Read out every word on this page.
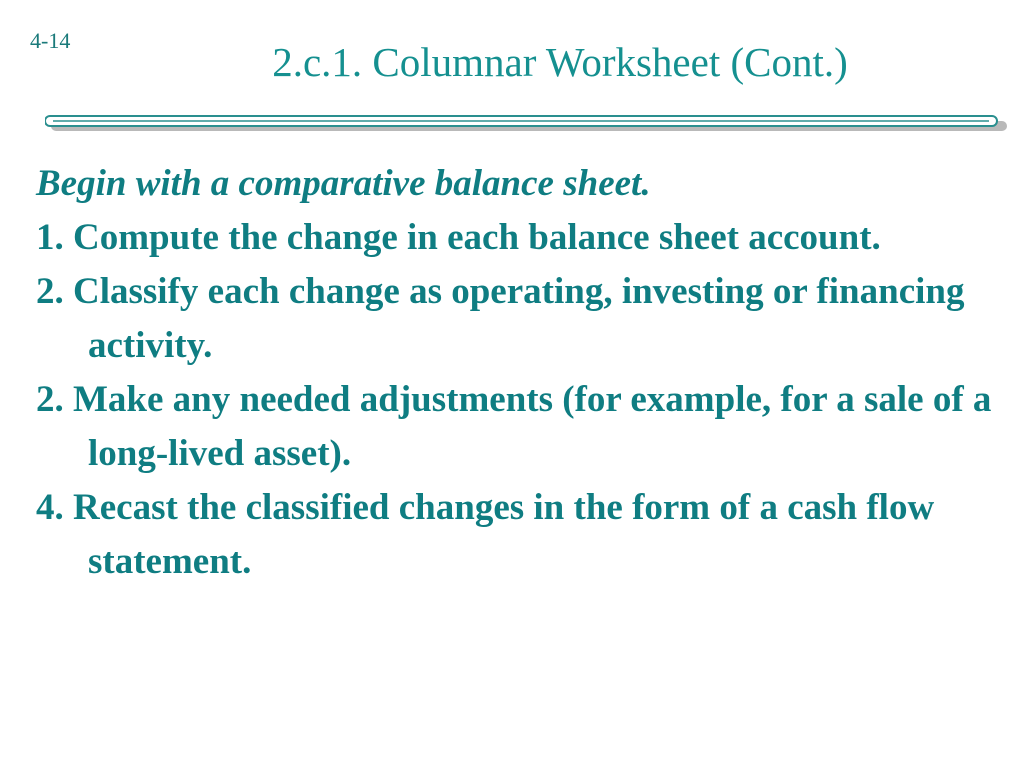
4-14	2.c.1. Columnar Worksheet (Cont.)

Begin with a comparative balance sheet.

1. Compute the change in each balance sheet account.

2. Classify each change as operating, investing or financing activity.

2. Make any needed adjustments (for example, for a sale of a long-lived asset).

4. Recast the classified changes in the form of a cash flow statement.
